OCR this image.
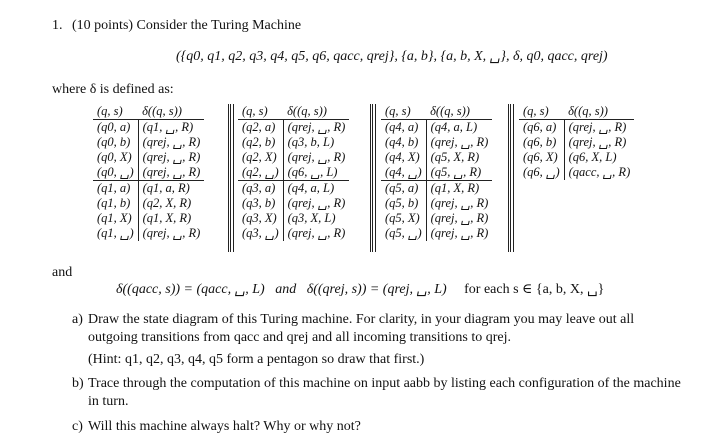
1. (10 points) Consider the Turing Machine
({q0, q1, q2, q3, q4, q5, q6, qacc, qrej}, {a, b}, {a, b, X, ␣}, δ, q0, qacc, qrej)
where δ is defined as:
(q, s)	δ((q, s))
(q0, a)	(q1, ␣, R)
(q0, b)	(qrej, ␣, R)
(q0, X)	(qrej, ␣, R)
(q0, ␣)	(qrej, ␣, R)
(q1, a)	(q1, a, R)
(q1, b)	(q2, X, R)
(q1, X)	(q1, X, R)
(q1, ␣)	(qrej, ␣, R)
(q, s)	δ((q, s))
(q2, a)	(qrej, ␣, R)
(q2, b)	(q3, b, L)
(q2, X)	(qrej, ␣, R)
(q2, ␣)	(q6, ␣, L)
(q3, a)	(q4, a, L)
(q3, b)	(qrej, ␣, R)
(q3, X)	(q3, X, L)
(q3, ␣)	(qrej, ␣, R)
(q, s)	δ((q, s))
(q4, a)	(q4, a, L)
(q4, b)	(qrej, ␣, R)
(q4, X)	(q5, X, R)
(q4, ␣)	(q5, ␣, R)
(q5, a)	(q1, X, R)
(q5, b)	(qrej, ␣, R)
(q5, X)	(qrej, ␣, R)
(q5, ␣)	(qrej, ␣, R)
(q, s)	δ((q, s))
(q6, a)	(qrej, ␣, R)
(q6, b)	(qrej, ␣, R)
(q6, X)	(q6, X, L)
(q6, ␣)	(qacc, ␣, R)
and
δ((qacc, s)) = (qacc, ␣, L) and δ((qrej, s)) = (qrej, ␣, L) for each s ∈ {a, b, X, ␣}
a) Draw the state diagram of this Turing machine. For clarity, in your diagram you may leave out all outgoing transitions from qacc and qrej and all incoming transitions to qrej.
(Hint: q1, q2, q3, q4, q5 form a pentagon so draw that first.)
b) Trace through the computation of this machine on input aabb by listing each configuration of the machine in turn.
c) Will this machine always halt? Why or why not?
